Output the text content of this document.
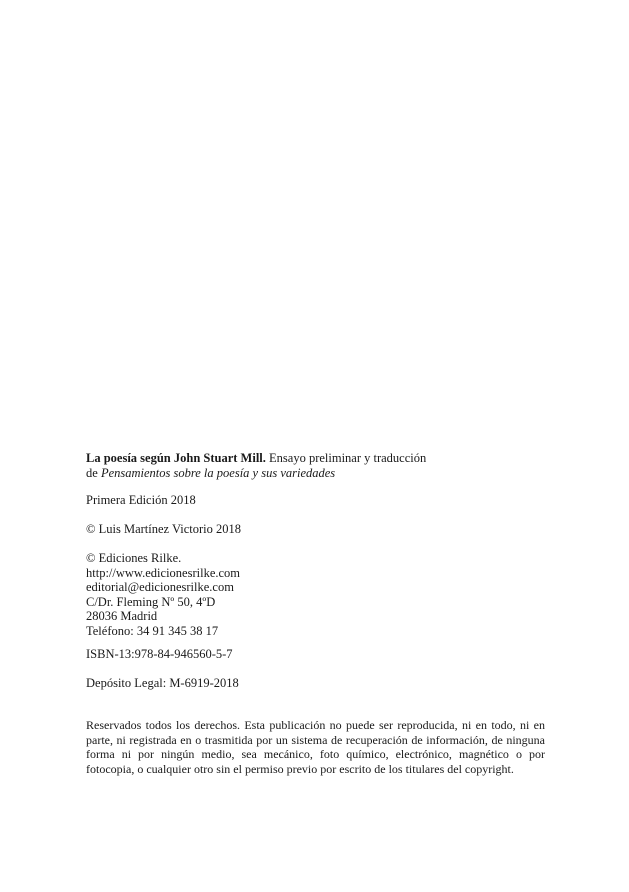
La poesía según John Stuart Mill. Ensayo preliminar y traducción
de Pensamientos sobre la poesía y sus variedades
Primera Edición 2018
© Luis Martínez Victorio 2018
© Ediciones Rilke.
http://www.edicionesrilke.com
editorial@edicionesrilke.com
C/Dr. Fleming Nº 50, 4ºD
28036 Madrid
Teléfono: 34 91 345 38 17
ISBN-13:978-84-946560-5-7
Depósito Legal: M-6919-2018
Reservados todos los derechos. Esta publicación no puede ser reproducida, ni en todo, ni en parte, ni registrada en o trasmitida por un sistema de recuperación de información, de ninguna forma ni por ningún medio, sea mecánico, foto químico, electrónico, magnético o por fotocopia, o cualquier otro sin el permiso previo por escrito de los titulares del copyright.
